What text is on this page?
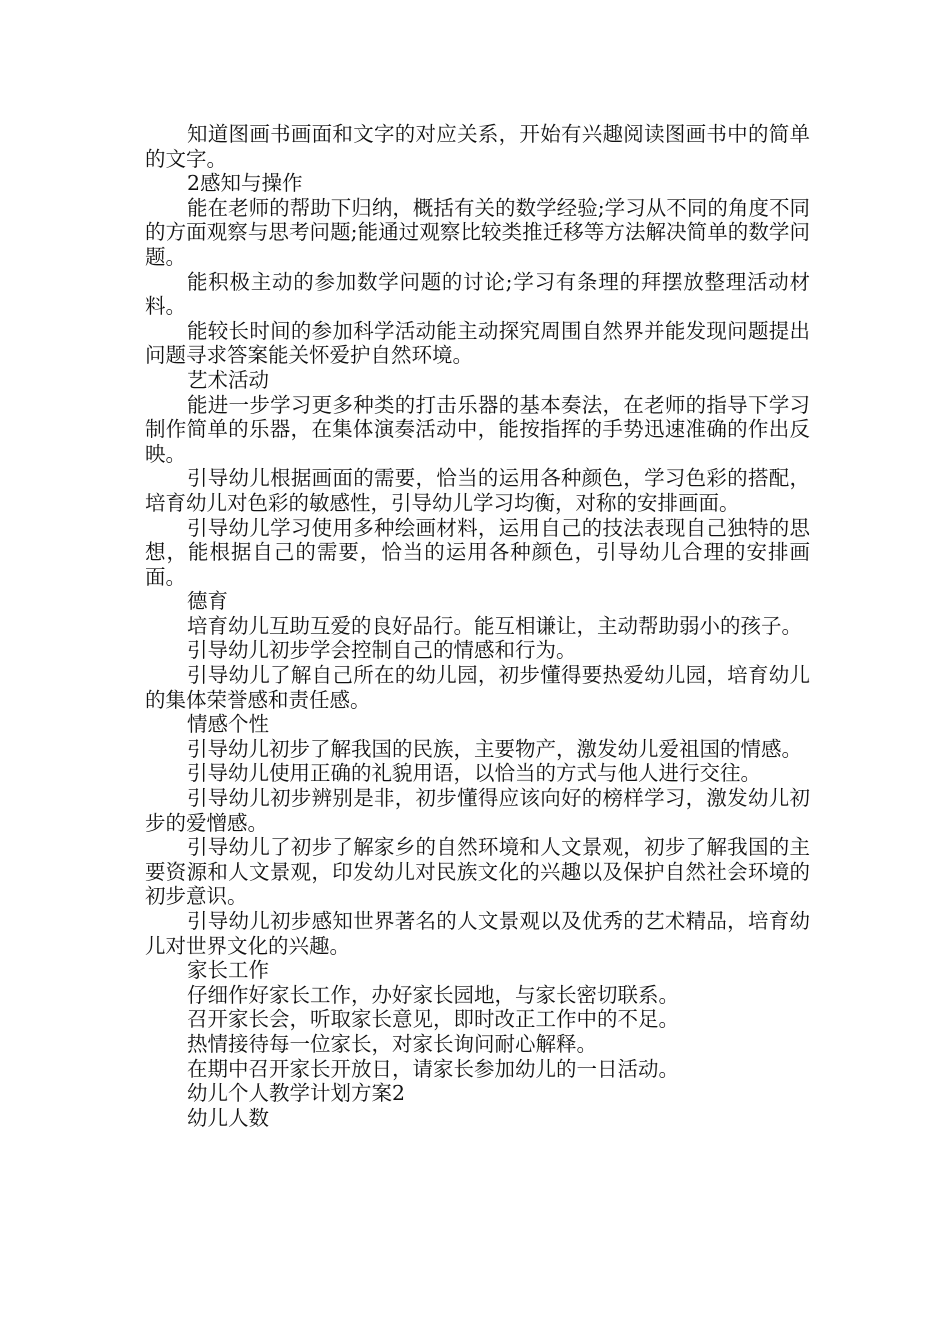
知道图画书画面和文字的对应关系，开始有兴趣阅读图画书中的简单的文字。

2感知与操作

能在老师的帮助下归纳，概括有关的数学经验;学习从不同的角度不同的方面观察与思考问题;能通过观察比较类推迁移等方法解决简单的数学问题。

能积极主动的参加数学问题的讨论;学习有条理的拜摆放整理活动材料。

能较长时间的参加科学活动能主动探究周围自然界并能发现问题提出问题寻求答案能关怀爱护自然环境。

艺术活动

能进一步学习更多种类的打击乐器的基本奏法，在老师的指导下学习制作简单的乐器，在集体演奏活动中，能按指挥的手势迅速准确的作出反映。

引导幼儿根据画面的需要，恰当的运用各种颜色，学习色彩的搭配，培育幼儿对色彩的敏感性，引导幼儿学习均衡，对称的安排画面。

引导幼儿学习使用多种绘画材料，运用自己的技法表现自己独特的思想，能根据自己的需要，恰当的运用各种颜色，引导幼儿合理的安排画面。

德育

培育幼儿互助互爱的良好品行。能互相谦让，主动帮助弱小的孩子。

引导幼儿初步学会控制自己的情感和行为。

引导幼儿了解自己所在的幼儿园，初步懂得要热爱幼儿园，培育幼儿的集体荣誉感和责任感。

情感个性

引导幼儿初步了解我国的民族，主要物产，激发幼儿爱祖国的情感。

引导幼儿使用正确的礼貌用语，以恰当的方式与他人进行交往。

引导幼儿初步辨别是非，初步懂得应该向好的榜样学习，激发幼儿初步的爱憎感。

引导幼儿了初步了解家乡的自然环境和人文景观，初步了解我国的主要资源和人文景观，印发幼儿对民族文化的兴趣以及保护自然社会环境的初步意识。

引导幼儿初步感知世界著名的人文景观以及优秀的艺术精品，培育幼儿对世界文化的兴趣。

家长工作

仔细作好家长工作，办好家长园地，与家长密切联系。

召开家长会，听取家长意见，即时改正工作中的不足。

热情接待每一位家长，对家长询问耐心解释。

在期中召开家长开放日，请家长参加幼儿的一日活动。

幼儿个人教学计划方案2

幼儿人数
